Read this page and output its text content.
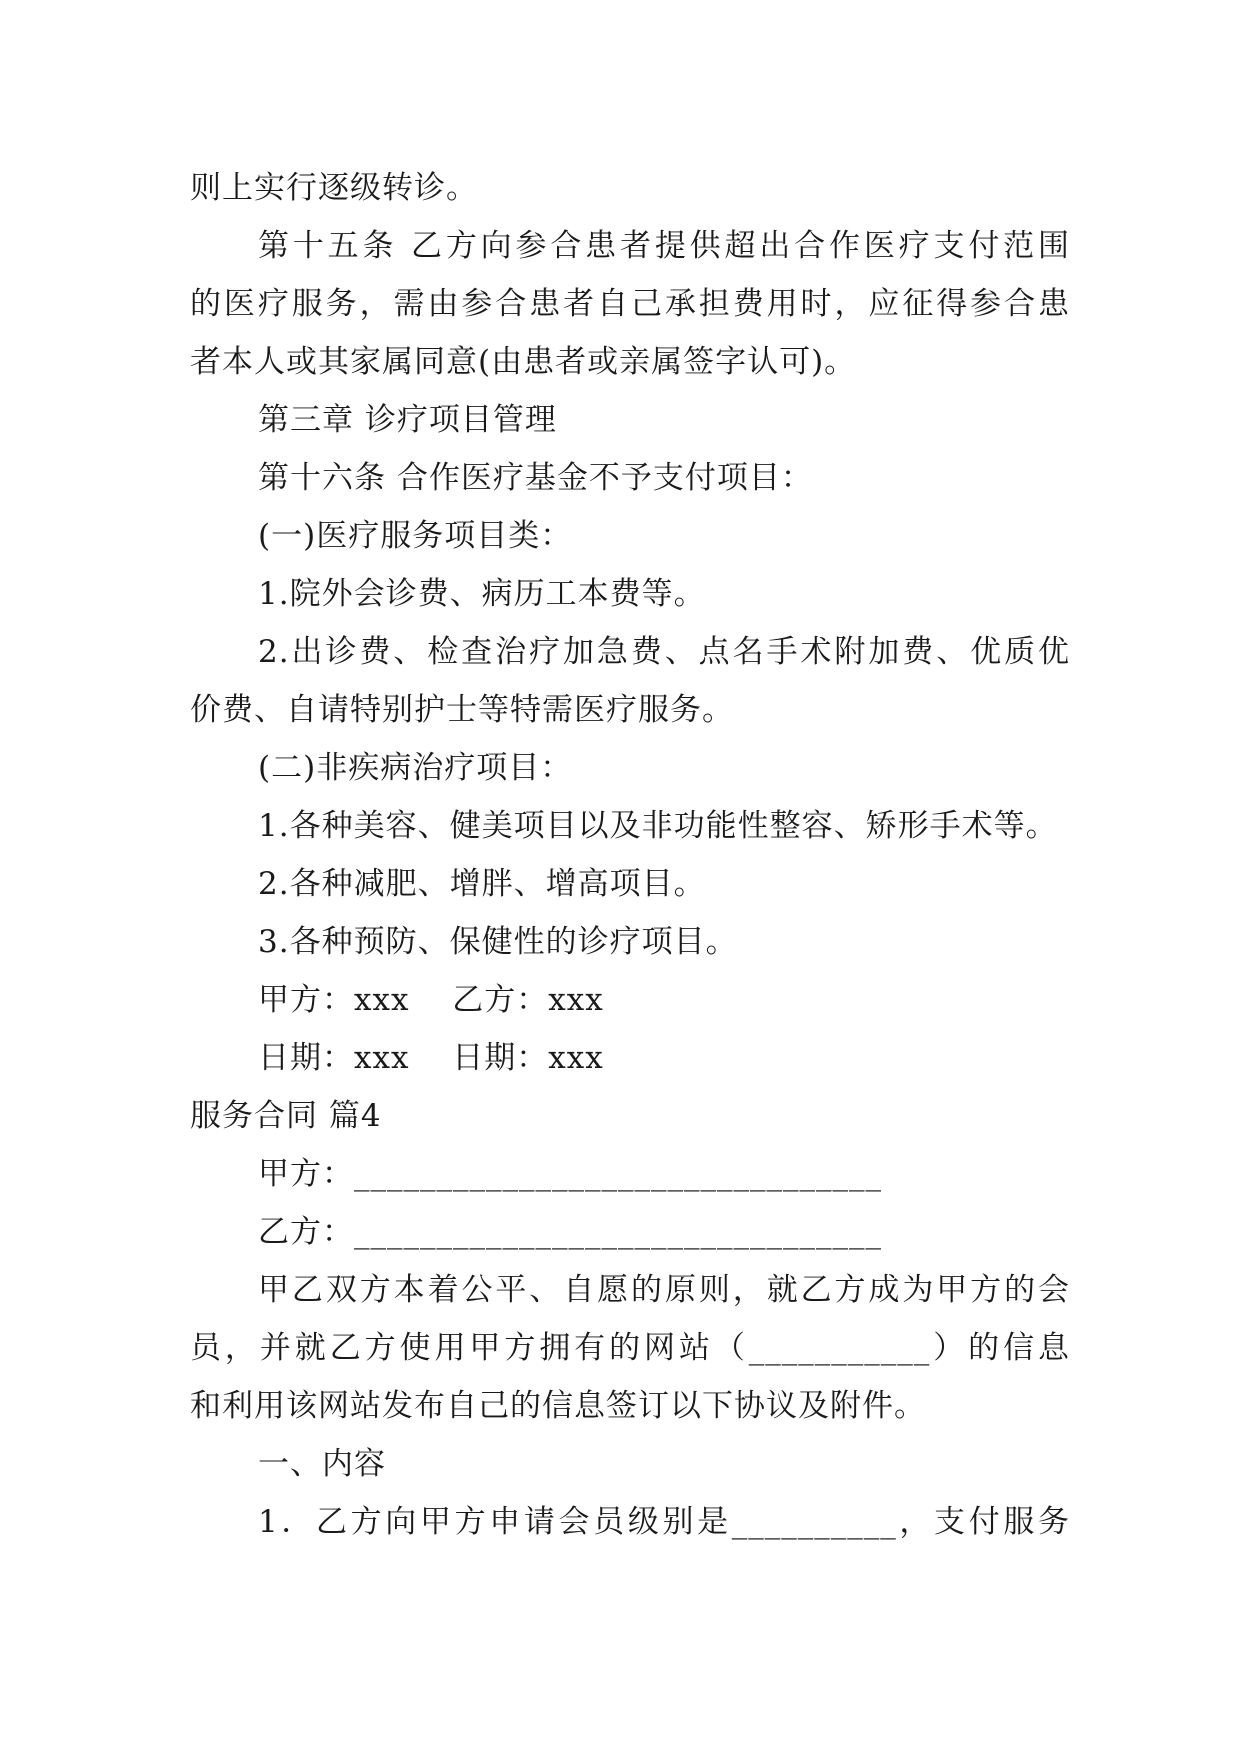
则上实行逐级转诊。
第十五条 乙方向参合患者提供超出合作医疗支付范围
的医疗服务，需由参合患者自己承担费用时，应征得参合患
者本人或其家属同意(由患者或亲属签字认可)。
第三章 诊疗项目管理
第十六条 合作医疗基金不予支付项目：
(一)医疗服务项目类：
1.院外会诊费、病历工本费等。
2.出诊费、检查治疗加急费、点名手术附加费、优质优
价费、自请特别护士等特需医疗服务。
(二)非疾病治疗项目：
1.各种美容、健美项目以及非功能性整容、矫形手术等。
2.各种减肥、增胖、增高项目。
3.各种预防、保健性的诊疗项目。
甲方：xxx　 乙方：xxx
日期：xxx　 日期：xxx
服务合同 篇4
甲方：________________________________
乙方：________________________________
甲乙双方本着公平、自愿的原则，就乙方成为甲方的会
员，并就乙方使用甲方拥有的网站（___________）的信息
和利用该网站发布自己的信息签订以下协议及附件。
一、内容
1．乙方向甲方申请会员级别是__________，支付服务
